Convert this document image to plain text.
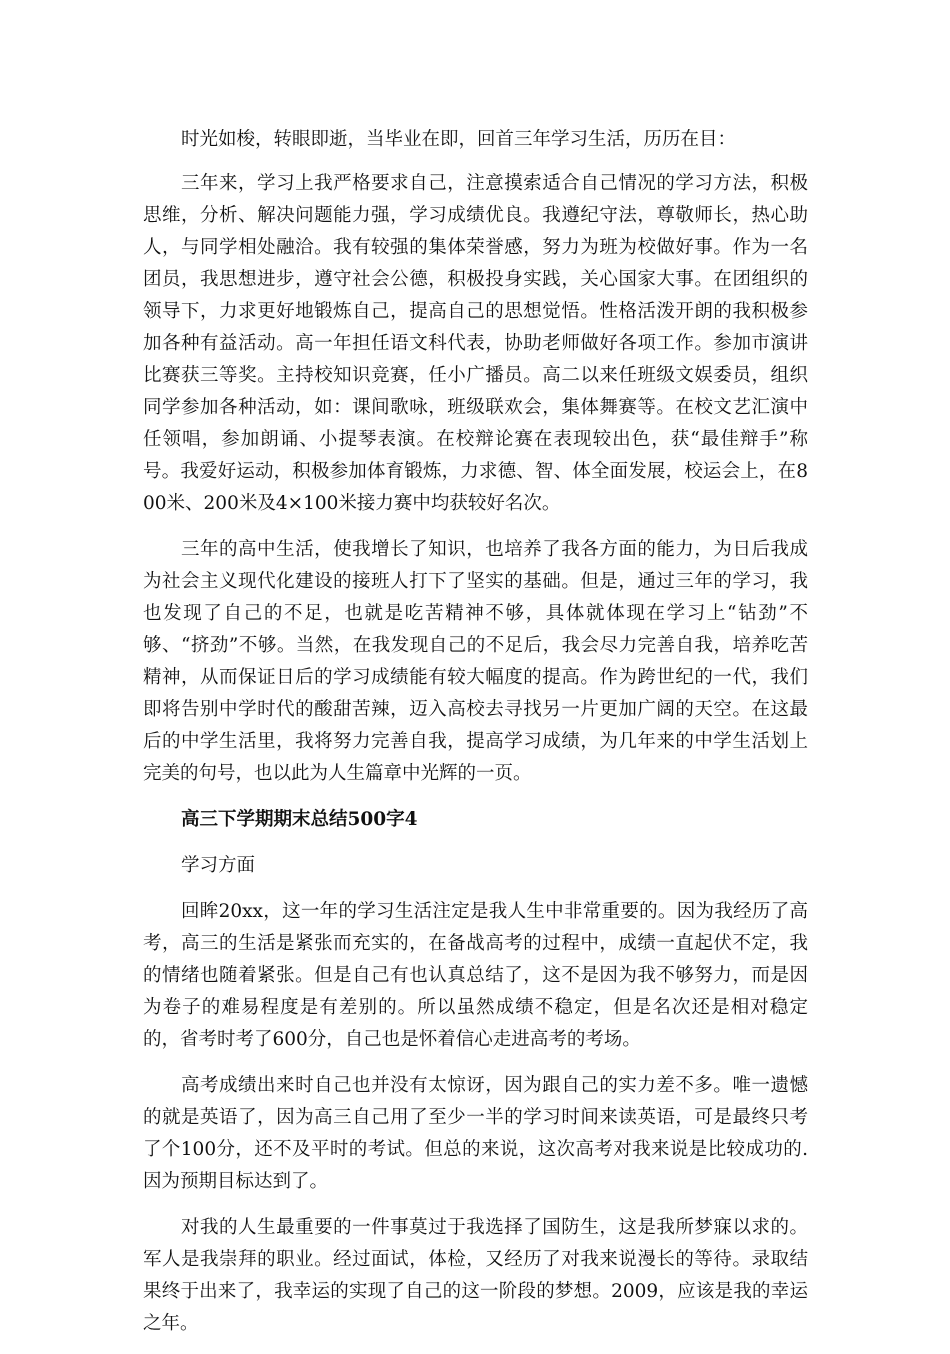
时光如梭，转眼即逝，当毕业在即，回首三年学习生活，历历在目：

三年来，学习上我严格要求自己，注意摸索适合自己情况的学习方法，积极思维，分析、解决问题能力强，学习成绩优良。我遵纪守法，尊敬师长，热心助人，与同学相处融洽。我有较强的集体荣誉感，努力为班为校做好事。作为一名团员，我思想进步，遵守社会公德，积极投身实践，关心国家大事。在团组织的领导下，力求更好地锻炼自己，提高自己的思想觉悟。性格活泼开朗的我积极参加各种有益活动。高一年担任语文科代表，协助老师做好各项工作。参加市演讲比赛获三等奖。主持校知识竞赛，任小广播员。高二以来任班级文娱委员，组织同学参加各种活动，如：课间歌咏，班级联欢会，集体舞赛等。在校文艺汇演中任领唱，参加朗诵、小提琴表演。在校辩论赛在表现较出色，获“最佳辩手”称号。我爱好运动，积极参加体育锻炼，力求德、智、体全面发展，校运会上，在800米、200米及4×100米接力赛中均获较好名次。

三年的高中生活，使我增长了知识，也培养了我各方面的能力，为日后我成为社会主义现代化建设的接班人打下了坚实的基础。但是，通过三年的学习，我也发现了自己的不足，也就是吃苦精神不够，具体就体现在学习上“钻劲”不够、“挤劲”不够。当然，在我发现自己的不足后，我会尽力完善自我，培养吃苦精神，从而保证日后的学习成绩能有较大幅度的提高。作为跨世纪的一代，我们即将告别中学时代的酸甜苦辣，迈入高校去寻找另一片更加广阔的天空。在这最后的中学生活里，我将努力完善自我，提高学习成绩，为几年来的中学生活划上完美的句号，也以此为人生篇章中光辉的一页。

高三下学期期末总结500字4

学习方面

回眸20xx，这一年的学习生活注定是我人生中非常重要的。因为我经历了高考，高三的生活是紧张而充实的，在备战高考的过程中，成绩一直起伏不定，我的情绪也随着紧张。但是自己有也认真总结了，这不是因为我不够努力，而是因为卷子的难易程度是有差别的。所以虽然成绩不稳定，但是名次还是相对稳定的，省考时考了600分，自己也是怀着信心走进高考的考场。

高考成绩出来时自己也并没有太惊讶，因为跟自己的实力差不多。唯一遗憾的就是英语了，因为高三自己用了至少一半的学习时间来读英语，可是最终只考了个100分，还不及平时的考试。但总的来说，这次高考对我来说是比较成功的.因为预期目标达到了。

对我的人生最重要的一件事莫过于我选择了国防生，这是我所梦寐以求的。军人是我崇拜的职业。经过面试，体检，又经历了对我来说漫长的等待。录取结果终于出来了，我幸运的实现了自己的这一阶段的梦想。2009，应该是我的幸运之年。
